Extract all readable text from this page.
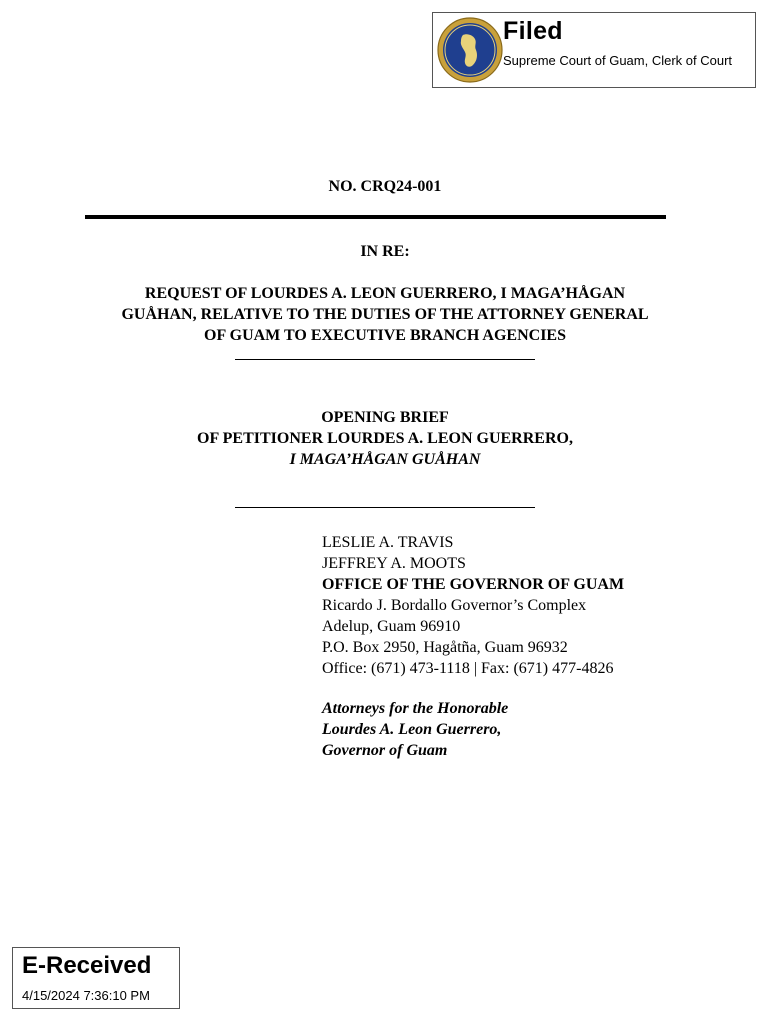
Filed
Supreme Court of Guam, Clerk of Court
NO. CRQ24-001
IN RE:
REQUEST OF LOURDES A. LEON GUERRERO, I MAGA’HÅGAN
GUÅHAN, RELATIVE TO THE DUTIES OF THE ATTORNEY GENERAL
OF GUAM TO EXECUTIVE BRANCH AGENCIES
OPENING BRIEF
OF PETITIONER LOURDES A. LEON GUERRERO,
I MAGA’HÅGAN GUÅHAN
LESLIE A. TRAVIS
JEFFREY A. MOOTS
OFFICE OF THE GOVERNOR OF GUAM
Ricardo J. Bordallo Governor’s Complex
Adelup, Guam 96910
P.O. Box 2950, Hagåtña, Guam 96932
Office: (671) 473-1118 | Fax: (671) 477-4826
Attorneys for the Honorable
Lourdes A. Leon Guerrero,
Governor of Guam
E-Received
4/15/2024 7:36:10 PM
